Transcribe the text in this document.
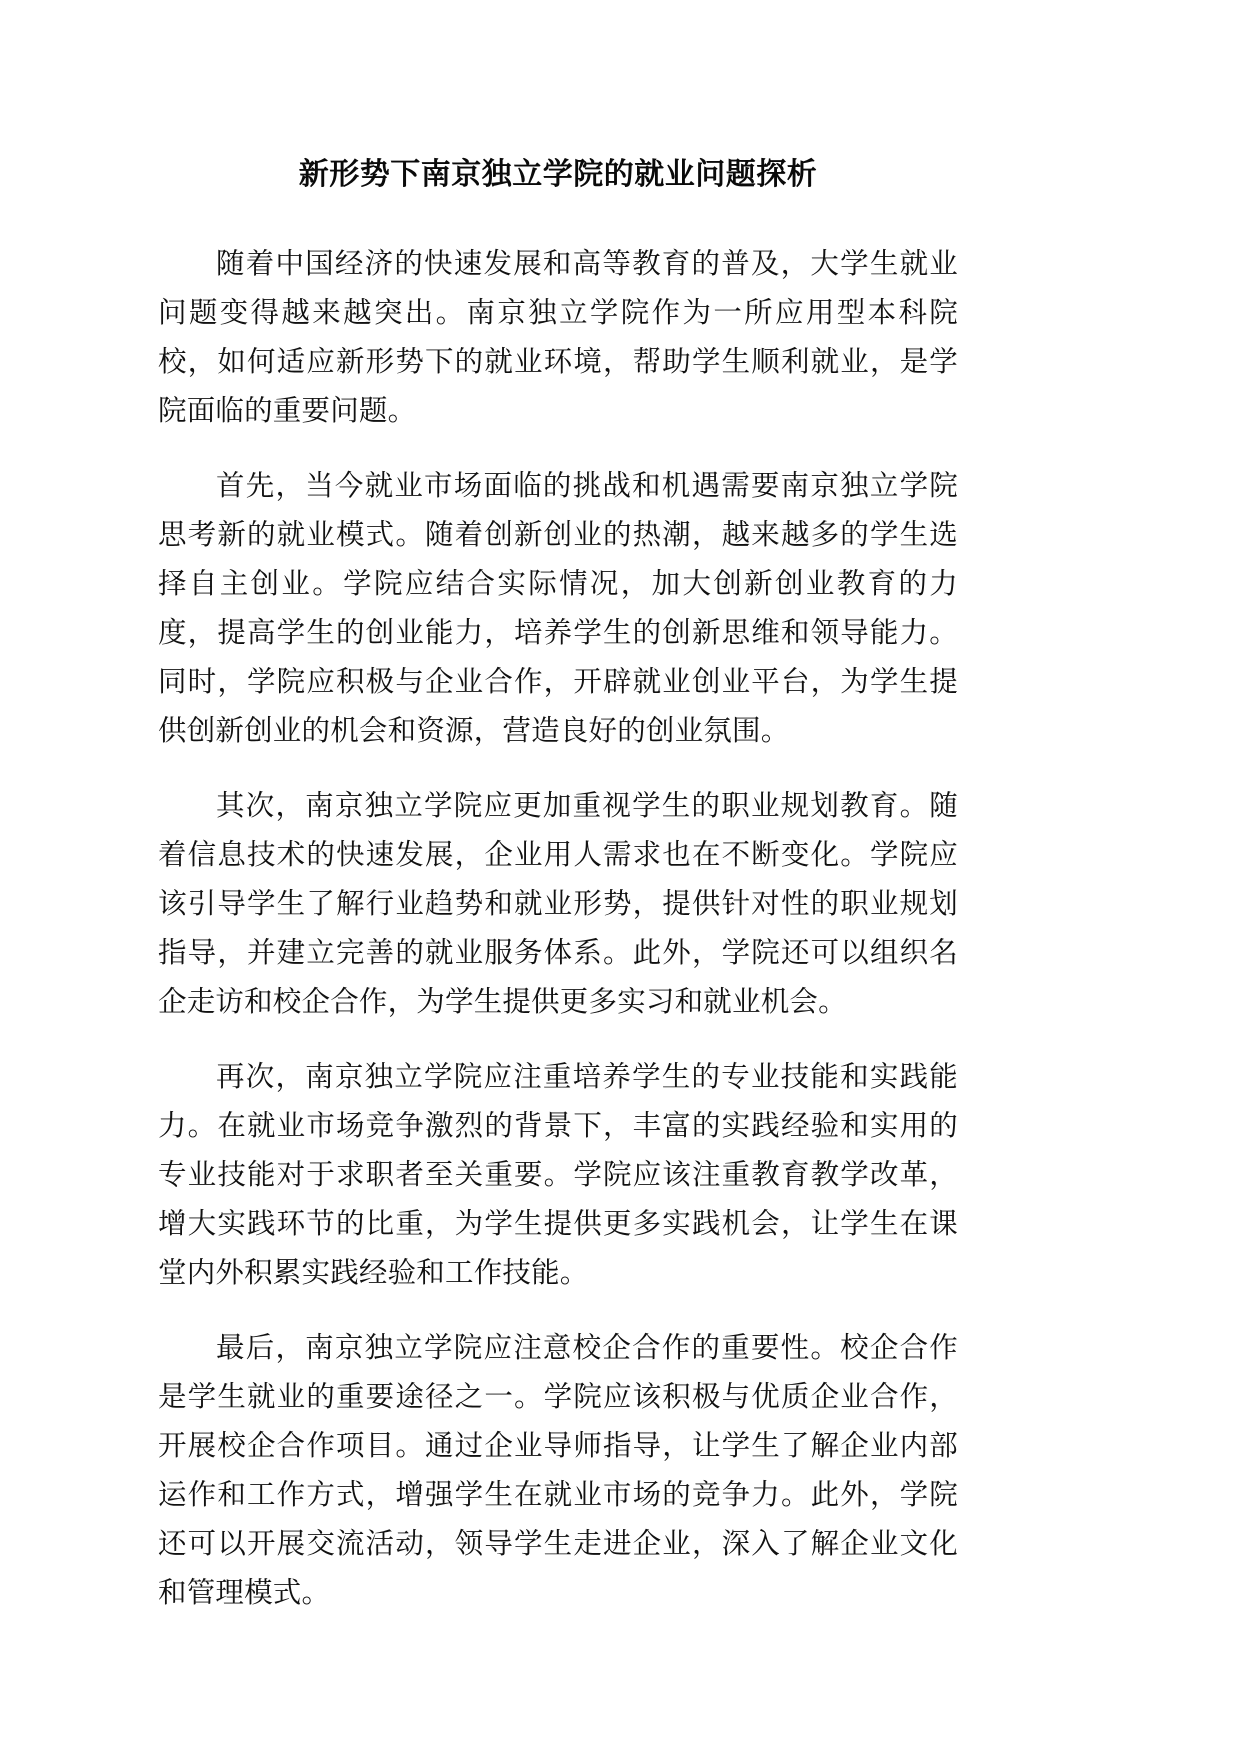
新形势下南京独立学院的就业问题探析

随着中国经济的快速发展和高等教育的普及，大学生就业问题变得越来越突出。南京独立学院作为一所应用型本科院校，如何适应新形势下的就业环境，帮助学生顺利就业，是学院面临的重要问题。

首先，当今就业市场面临的挑战和机遇需要南京独立学院思考新的就业模式。随着创新创业的热潮，越来越多的学生选择自主创业。学院应结合实际情况，加大创新创业教育的力度，提高学生的创业能力，培养学生的创新思维和领导能力。同时，学院应积极与企业合作，开辟就业创业平台，为学生提供创新创业的机会和资源，营造良好的创业氛围。

其次，南京独立学院应更加重视学生的职业规划教育。随着信息技术的快速发展，企业用人需求也在不断变化。学院应该引导学生了解行业趋势和就业形势，提供针对性的职业规划指导，并建立完善的就业服务体系。此外，学院还可以组织名企走访和校企合作，为学生提供更多实习和就业机会。

再次，南京独立学院应注重培养学生的专业技能和实践能力。在就业市场竞争激烈的背景下，丰富的实践经验和实用的专业技能对于求职者至关重要。学院应该注重教育教学改革，增大实践环节的比重，为学生提供更多实践机会，让学生在课堂内外积累实践经验和工作技能。

最后，南京独立学院应注意校企合作的重要性。校企合作是学生就业的重要途径之一。学院应该积极与优质企业合作，开展校企合作项目。通过企业导师指导，让学生了解企业内部运作和工作方式，增强学生在就业市场的竞争力。此外，学院还可以开展交流活动，领导学生走进企业，深入了解企业文化和管理模式。
